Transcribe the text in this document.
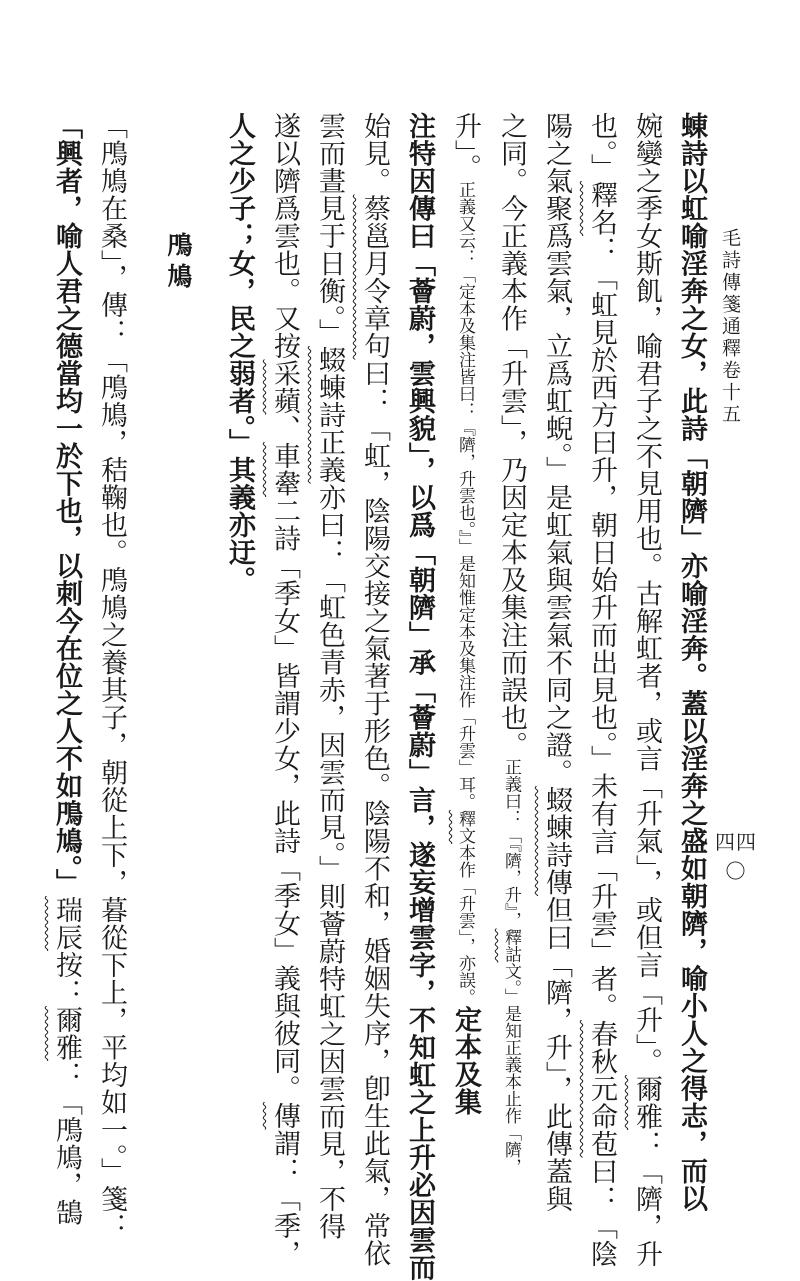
毛詩傳箋通釋卷十五
四四〇

蝀詩以虹喻淫奔之女，此詩「朝隮」亦喻淫奔。蓋以淫奔之盛如朝隮，喻小人之得志，而以

婉孌之季女斯飢，喻君子之不見用也。古解虹者，或言「升氣」，或但言「升」。爾雅：「隮，升

也。」釋名：「虹見於西方曰升，朝日始升而出見也。」未有言「升雲」者。春秋元命苞曰：「陰

陽之氣聚爲雲氣，立爲虹蜺。」是虹氣與雲氣不同之證。蝃蝀詩傳但曰「隮，升」，此傳蓋與

之同。今正義本作「升雲」，乃因定本及集注而誤也。正義曰：「『隮，升』，釋詁文。」是知正義本止作「隮，

升」。正義又云：「定本及集注皆曰：『隮，升雲也。』」是知惟定本及集注作「升雲」耳。釋文本作「升雲」，亦誤。定本及集

注特因傳曰「薈蔚，雲興貌」，以爲「朝隮」承「薈蔚」言，遂妄增雲字，不知虹之上升必因雲而

始見。蔡邕月令章句曰：「虹，陰陽交接之氣著于形色。陰陽不和，婚姻失序，卽生此氣，常依

雲而晝見于日衡。」蝃蝀詩正義亦曰：「虹色青赤，因雲而見。」則薈蔚特虹之因雲而見，不得

遂以隮爲雲也。又按采蘋、車舝二詩「季女」皆謂少女，此詩「季女」義與彼同。傳謂：「季，

人之少子；女，民之弱者。」其義亦迂。

鳲鳩

「鳲鳩在桑」，傳：「鳲鳩，秸鞠也。鳲鳩之養其子，朝從上下，暮從下上，平均如一。」箋：

「興者，喻人君之德當均一於下也，以刺今在位之人不如鳲鳩。」瑞辰按：爾雅：「鳲鳩，鵠
